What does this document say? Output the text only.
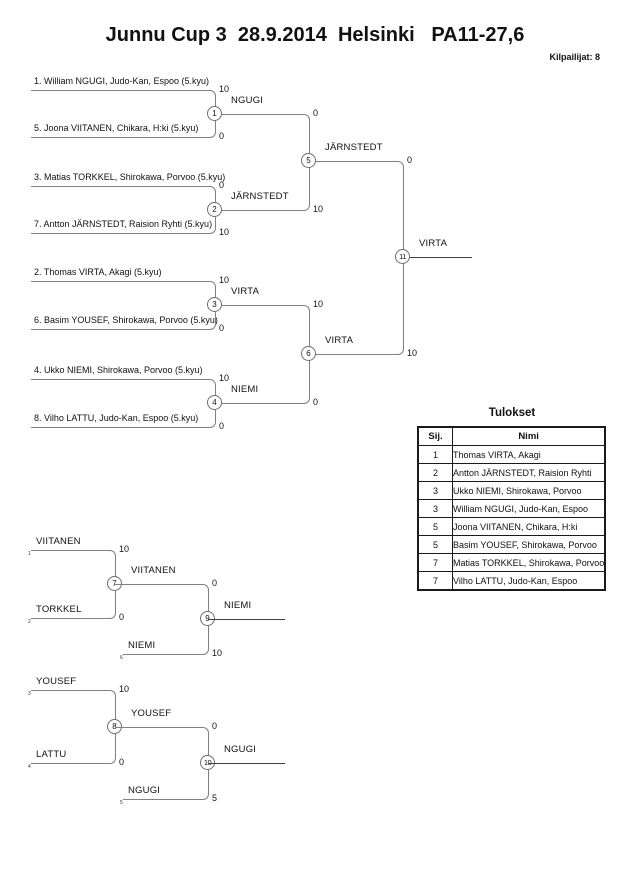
Junnu Cup 3  28.9.2014  Helsinki   PA11-27,6
Kilpailijat: 8
1. William NGUGI, Judo-Kan, Espoo (5.kyu)
5. Joona VIITANEN, Chikara, H:ki (5.kyu)
3. Matias TORKKEL, Shirokawa, Porvoo (5.kyu)
7. Antton JÄRNSTEDT, Raision Ryhti (5.kyu)
2. Thomas VIRTA, Akagi (5.kyu)
6. Basim YOUSEF, Shirokawa, Porvoo (5.kyu)
4. Ukko NIEMI, Shirokawa, Porvoo (5.kyu)
8. Vilho LATTU, Judo-Kan, Espoo (5.kyu)
10
0
0
10
10
0
10
0
1
2
3
4
5
6
11
NGUGI
JÄRNSTEDT
VIRTA
NIEMI
JÄRNSTEDT
VIRTA
VIRTA
0
10
10
0
0
10
VIITANEN
TORKKEL
1
2
10
0
7
VIITANEN
0
NIEMI
6	10
9
NIEMI
YOUSEF
LATTU
3
4
10
0
8
YOUSEF
0
NGUGI
5	5
10
NGUGI
Tulokset
Sij.	Nimi
1	Thomas VIRTA, Akagi
2	Antton JÄRNSTEDT, Raision Ryhti
3	Ukko NIEMI, Shirokawa, Porvoo
3	William NGUGI, Judo-Kan, Espoo
5	Joona VIITANEN, Chikara, H:ki
5	Basim YOUSEF, Shirokawa, Porvoo
7	Matias TORKKEL, Shirokawa, Porvoo
7	Vilho LATTU, Judo-Kan, Espoo
